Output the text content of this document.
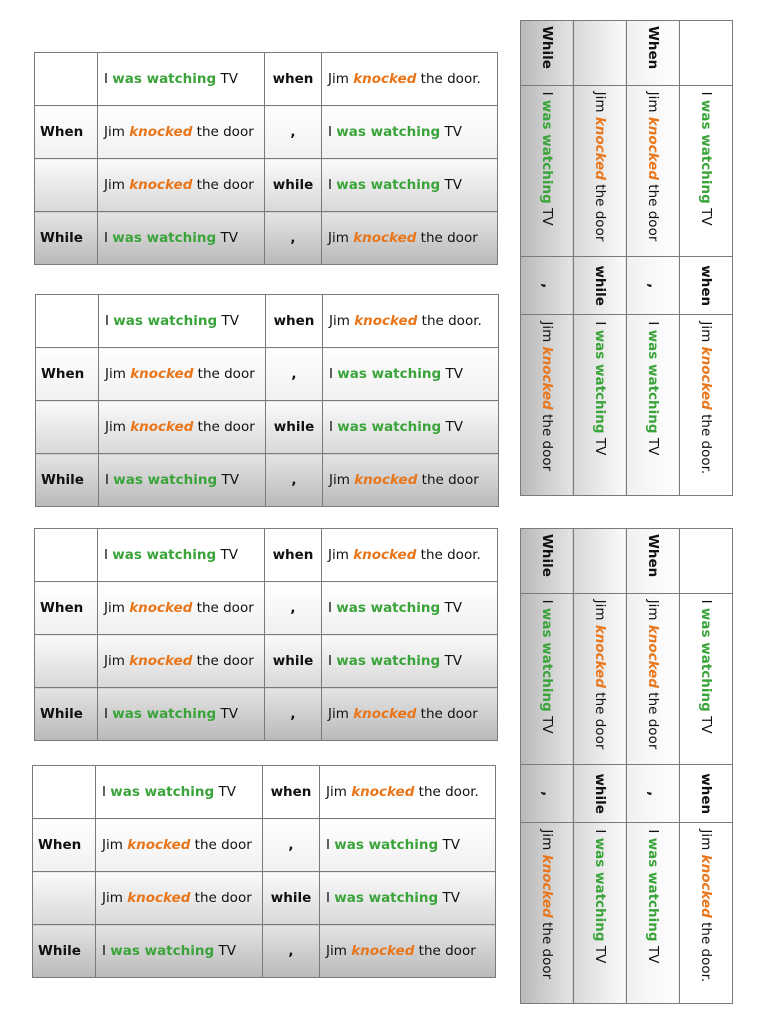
	I was watching TV	when	Jim knocked the door.
When	Jim knocked the door	,	I was watching TV
	Jim knocked the door	while	I was watching TV
While	I was watching TV	,	Jim knocked the door
	I was watching TV	when	Jim knocked the door.
When	Jim knocked the door	,	I was watching TV
	Jim knocked the door	while	I was watching TV
While	I was watching TV	,	Jim knocked the door
	I was watching TV	when	Jim knocked the door.
When	Jim knocked the door	,	I was watching TV
	Jim knocked the door	while	I was watching TV
While	I was watching TV	,	Jim knocked the door
	I was watching TV	when	Jim knocked the door.
When	Jim knocked the door	,	I was watching TV
	Jim knocked the door	while	I was watching TV
While	I was watching TV	,	Jim knocked the door
	I was watching TV	when	Jim knocked the door.
When	Jim knocked the door	,	I was watching TV
	Jim knocked the door	while	I was watching TV
While	I was watching TV	,	Jim knocked the door
	I was watching TV	when	Jim knocked the door.
When	Jim knocked the door	,	I was watching TV
	Jim knocked the door	while	I was watching TV
While	I was watching TV	,	Jim knocked the door
